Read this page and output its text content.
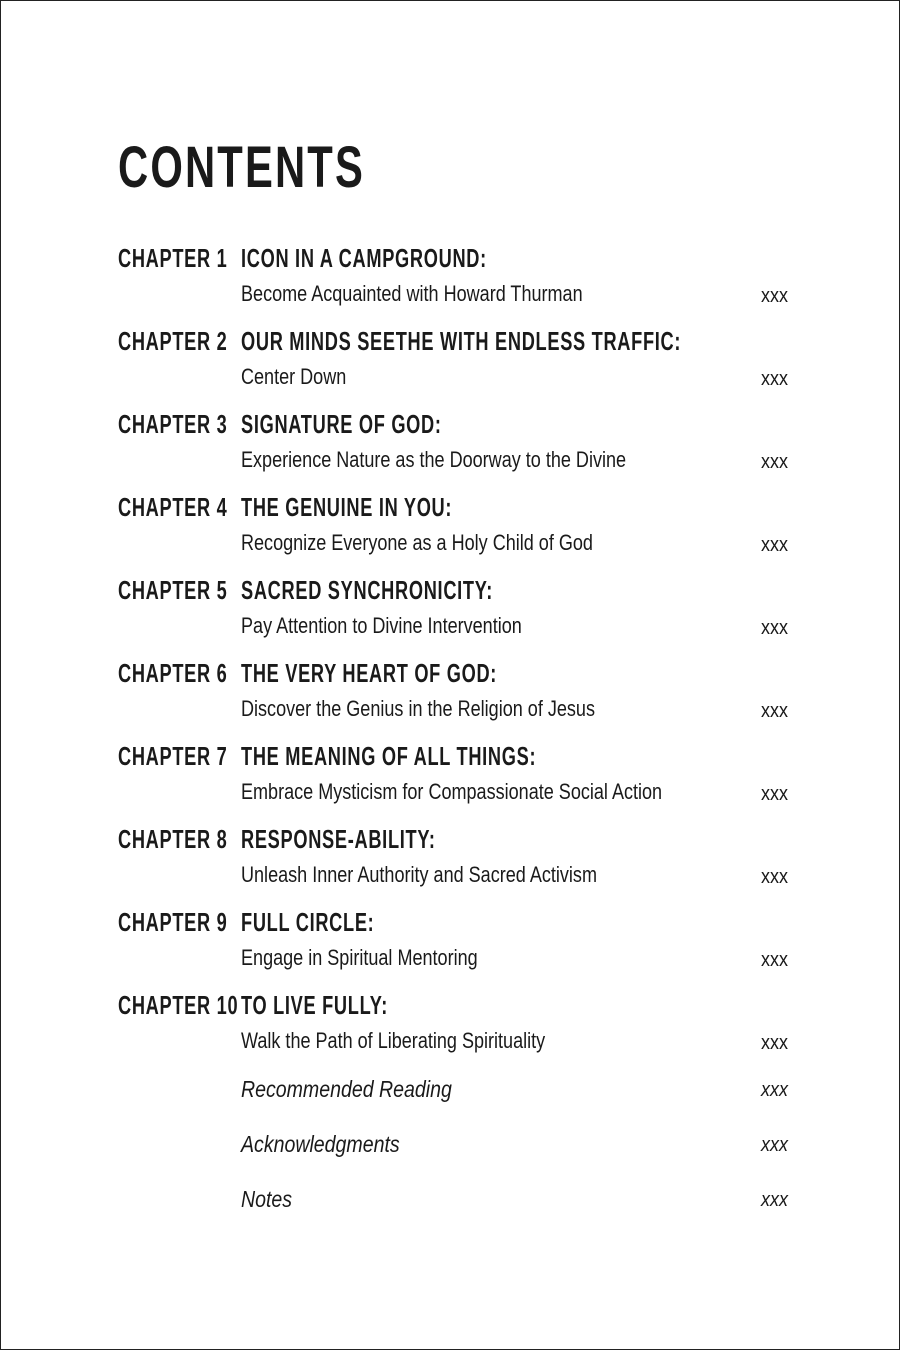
CONTENTS
CHAPTER 1 ICON IN A CAMPGROUND:
Become Acquainted with Howard Thurman	xxx
CHAPTER 2 OUR MINDS SEETHE WITH ENDLESS TRAFFIC:
Center Down	xxx
CHAPTER 3 SIGNATURE OF GOD:
Experience Nature as the Doorway to the Divine	xxx
CHAPTER 4 THE GENUINE IN YOU:
Recognize Everyone as a Holy Child of God	xxx
CHAPTER 5 SACRED SYNCHRONICITY:
Pay Attention to Divine Intervention	xxx
CHAPTER 6 THE VERY HEART OF GOD:
Discover the Genius in the Religion of Jesus	xxx
CHAPTER 7 THE MEANING OF ALL THINGS:
Embrace Mysticism for Compassionate Social Action	xxx
CHAPTER 8 RESPONSE-ABILITY:
Unleash Inner Authority and Sacred Activism	xxx
CHAPTER 9 FULL CIRCLE:
Engage in Spiritual Mentoring	xxx
CHAPTER 10 TO LIVE FULLY:
Walk the Path of Liberating Spirituality	xxx
Recommended Reading	xxx
Acknowledgments	xxx
Notes	xxx
